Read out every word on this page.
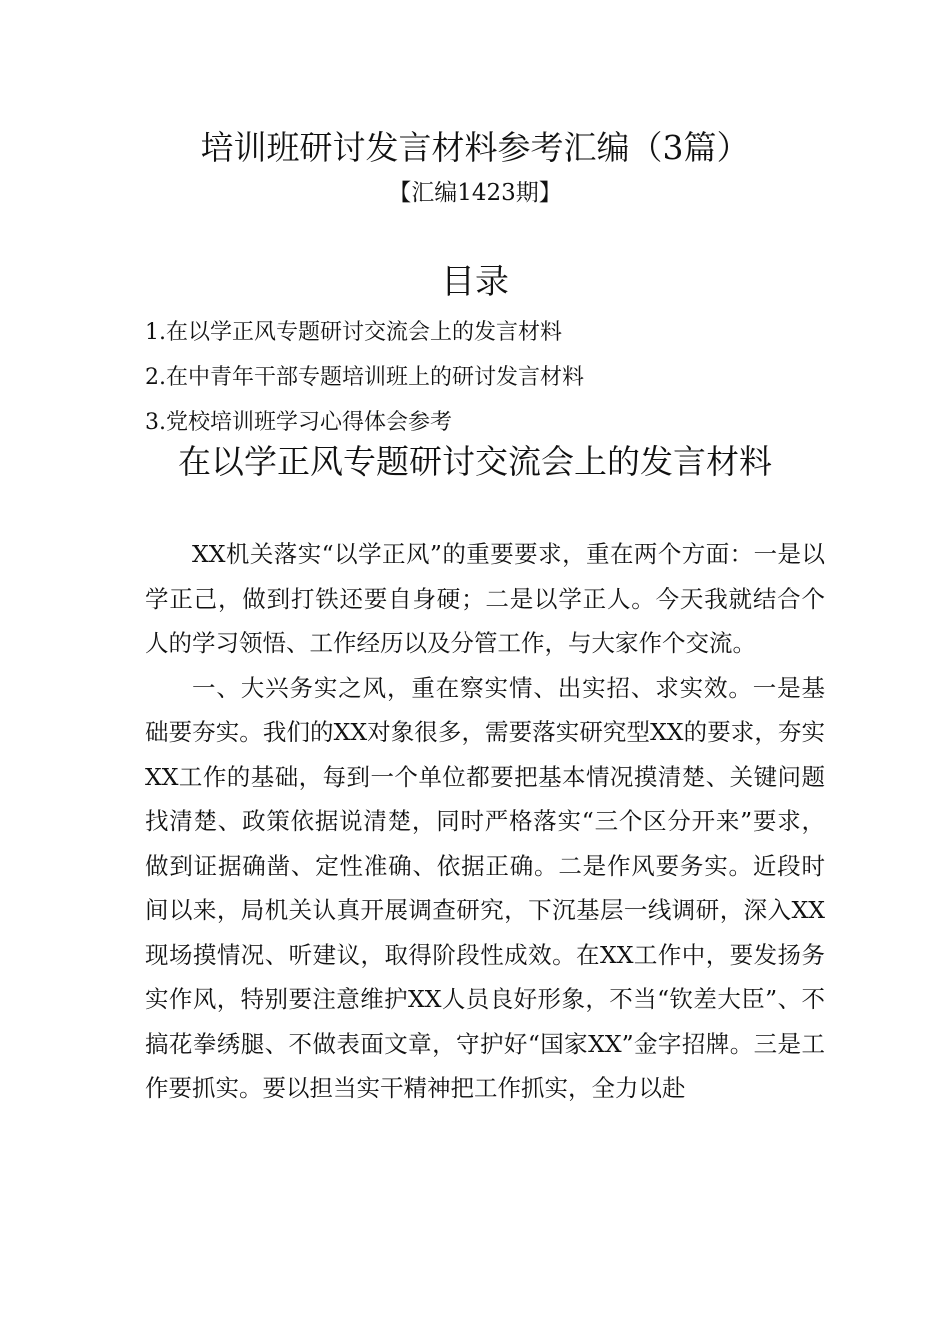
培训班研讨发言材料参考汇编（3篇）
【汇编1423期】
目录
1.在以学正风专题研讨交流会上的发言材料
2.在中青年干部专题培训班上的研讨发言材料
3.党校培训班学习心得体会参考
在以学正风专题研讨交流会上的发言材料

XX机关落实“以学正风”的重要要求，重在两个方面：一是以学正己，做到打铁还要自身硬；二是以学正人。今天我就结合个人的学习领悟、工作经历以及分管工作，与大家作个交流。

一、大兴务实之风，重在察实情、出实招、求实效。一是基础要夯实。我们的XX对象很多，需要落实研究型XX的要求，夯实XX工作的基础，每到一个单位都要把基本情况摸清楚、关键问题找清楚、政策依据说清楚，同时严格落实“三个区分开来”要求，做到证据确凿、定性准确、依据正确。二是作风要务实。近段时间以来，局机关认真开展调查研究，下沉基层一线调研，深入XX现场摸情况、听建议，取得阶段性成效。在XX工作中，要发扬务实作风，特别要注意维护XX人员良好形象，不当“钦差大臣”、不搞花拳绣腿、不做表面文章，守护好“国家XX”金字招牌。三是工作要抓实。要以担当实干精神把工作抓实，全力以赴
